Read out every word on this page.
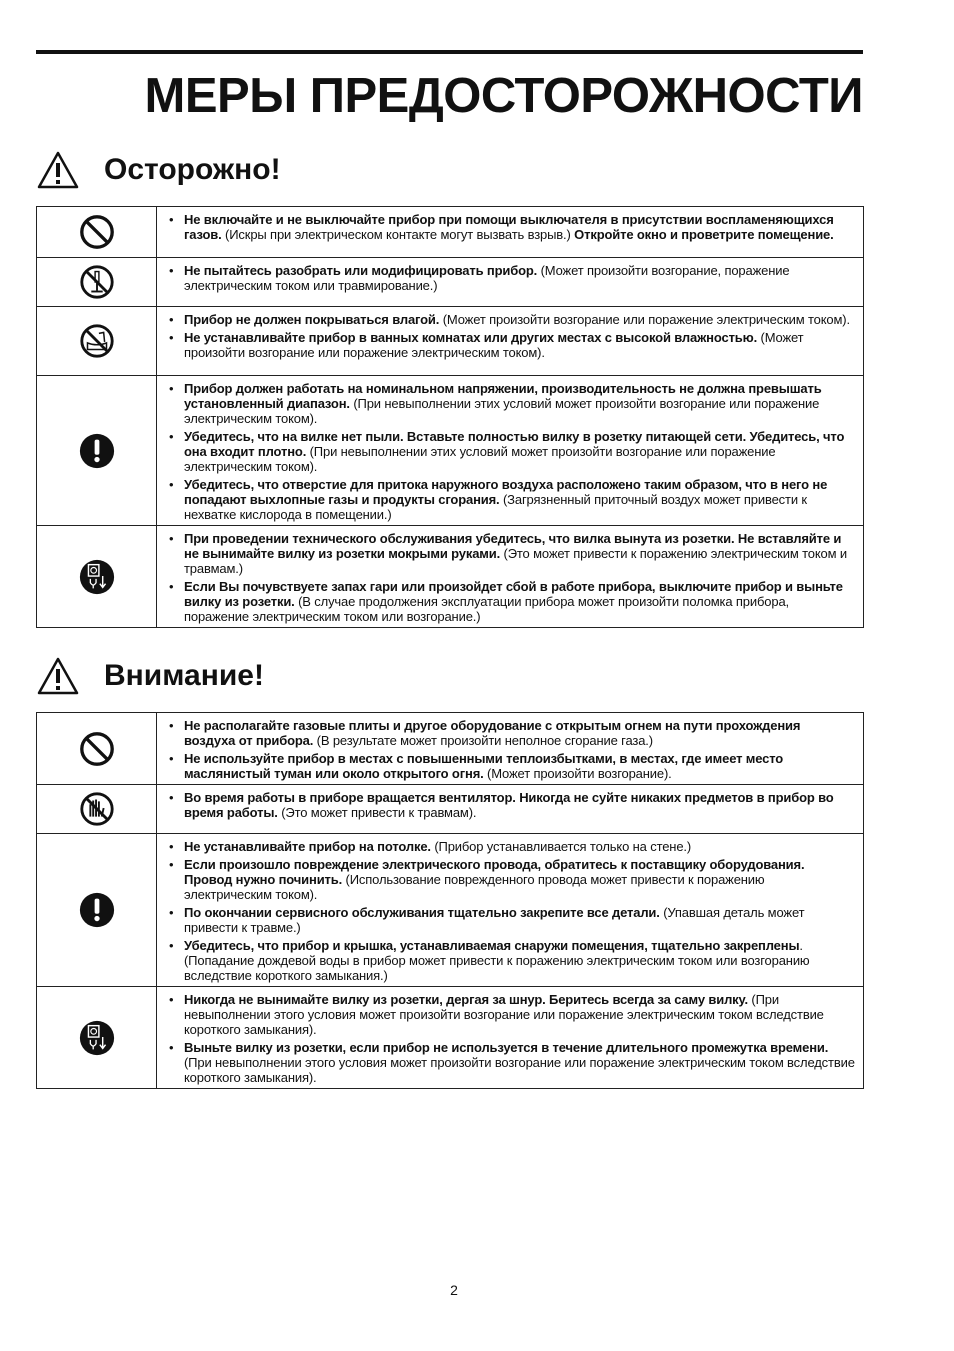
МЕРЫ ПРЕДОСТОРОЖНОСТИ
Осторожно!

• Не включайте и не выключайте прибор при помощи выключателя в присутствии воспламеняющихся газов. (Искры при электрическом контакте могут вызвать взрыв.) Откройте окно и проветрите помещение.

• Не пытайтесь разобрать или модифицировать прибор. (Может произойти возгорание, поражение электрическим током или травмирование.)

• Прибор не должен покрываться влагой. (Может произойти возгорание или поражение электрическим током).
• Не устанавливайте прибор в ванных комнатах или других местах с высокой влажностью. (Может произойти возгорание или поражение электрическим током).

• Прибор должен работать на номинальном напряжении, производительность не должна превышать установленный диапазон. (При невыполнении этих условий может произойти возгорание или поражение электрическим током).
• Убедитесь, что на вилке нет пыли. Вставьте полностью вилку в розетку питающей сети. Убедитесь, что она входит плотно. (При невыполнении этих условий может произойти возгорание или поражение электрическим током).
• Убедитесь, что отверстие для притока наружного воздуха расположено таким образом, что в него не попадают выхлопные газы и продукты сгорания. (Загрязненный приточный воздух может привести к нехватке кислорода в помещении.)

• При проведении технического обслуживания убедитесь, что вилка вынута из розетки. Не вставляйте и не вынимайте вилку из розетки мокрыми руками. (Это может привести к поражению электрическим током и травмам.)
• Если Вы почувствуете запах гари или произойдет сбой в работе прибора, выключите прибор и выньте вилку из розетки. (В случае продолжения эксплуатации прибора может произойти поломка прибора, поражение электрическим током или возгорание.)
Внимание!

• Не располагайте газовые плиты и другое оборудование с открытым огнем на пути прохождения воздуха от прибора. (В результате может произойти неполное сгорание газа.)
• Не используйте прибор в местах с повышенными теплоизбытками, в местах, где имеет место маслянистый туман или около открытого огня. (Может произойти возгорание).

• Во время работы в приборе вращается вентилятор. Никогда не суйте никаких предметов в прибор во время работы. (Это может привести к травмам).

• Не устанавливайте прибор на потолке. (Прибор устанавливается только на стене.)
• Если произошло повреждение электрического провода, обратитесь к поставщику оборудования. Провод нужно починить. (Использование поврежденного провода может привести к поражению электрическим током).
• По окончании сервисного обслуживания тщательно закрепите все детали. (Упавшая деталь может привести к травме.)
• Убедитесь, что прибор и крышка, устанавливаемая снаружи помещения, тщательно закреплены. (Попадание дождевой воды в прибор может привести к поражению электрическим током или возгоранию вследствие короткого замыкания.)

• Никогда не вынимайте вилку из розетки, дергая за шнур. Беритесь всегда за саму вилку. (При невыполнении этого условия может произойти возгорание или поражение электрическим током вследствие короткого замыкания).
• Выньте вилку из розетки, если прибор не используется в течение длительного промежутка времени. (При невыполнении этого условия может произойти возгорание или поражение электрическим током вследствие короткого замыкания).
2
